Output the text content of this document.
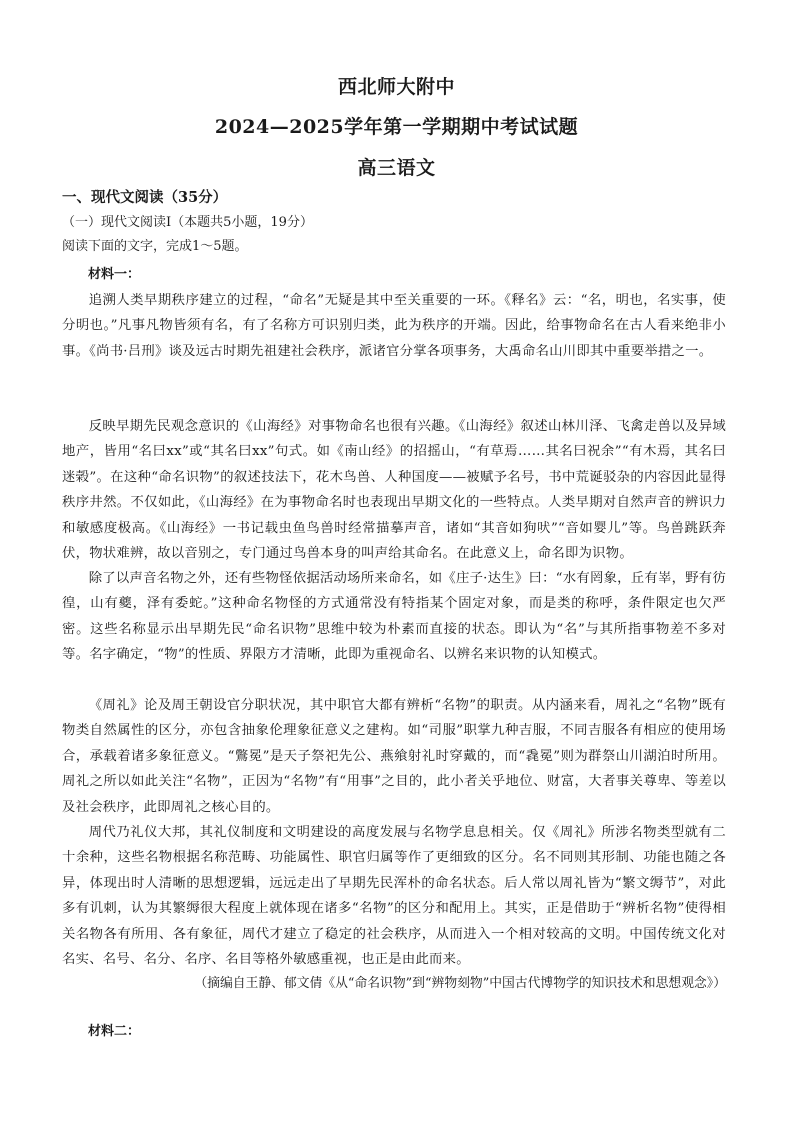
西北师大附中
2024—2025学年第一学期期中考试试题
高三语文
一、现代文阅读（35分）
（一）现代文阅读Ⅰ（本题共5小题，19分）
阅读下面的文字，完成1～5题。
材料一：
追溯人类早期秩序建立的过程，“命名”无疑是其中至关重要的一环。《释名》云：“名，明也，名实事，使分明也。”凡事凡物皆须有名，有了名称方可识别归类，此为秩序的开端。因此，给事物命名在古人看来绝非小事。《尚书·吕刑》谈及远古时期先祖建社会秩序，派诸官分掌各项事务，大禹命名山川即其中重要举措之一。
反映早期先民观念意识的《山海经》对事物命名也很有兴趣。《山海经》叙述山林川泽、飞禽走兽以及异域地产，皆用“名曰xx”或“其名曰xx”句式。如《南山经》的招摇山，“有草焉……其名曰祝余”“有木焉，其名曰迷榖”。在这种“命名识物”的叙述技法下，花木鸟兽、人种国度——被赋予名号，书中荒诞驳杂的内容因此显得秩序井然。不仅如此，《山海经》在为事物命名时也表现出早期文化的一些特点。人类早期对自然声音的辨识力和敏感度极高。《山海经》一书记载虫鱼鸟兽时经常描摹声音，诸如“其音如狗吠”“音如婴儿”等。鸟兽跳跃奔伏，物状难辨，故以音别之，专门通过鸟兽本身的叫声给其命名。在此意义上，命名即为识物。
除了以声音名物之外，还有些物怪依据活动场所来命名，如《庄子·达生》曰：“水有罔象，丘有峷，野有彷徨，山有夔，泽有委蛇。”这种命名物怪的方式通常没有特指某个固定对象，而是类的称呼，条件限定也欠严密。这些名称显示出早期先民“命名识物”思维中较为朴素而直接的状态。即认为“名”与其所指事物差不多对等。名字确定，“物”的性质、界限方才清晰，此即为重视命名、以辨名来识物的认知模式。
《周礼》论及周王朝设官分职状况，其中职官大都有辨析“名物”的职责。从内涵来看，周礼之“名物”既有物类自然属性的区分，亦包含抽象伦理象征意义之建构。如“司服”职掌九种吉服，不同吉服各有相应的使用场合，承载着诸多象征意义。“鷩冕”是天子祭祀先公、燕飨射礼时穿戴的，而“毳冕”则为群祭山川湖泊时所用。周礼之所以如此关注“名物”，正因为“名物”有“用事”之目的，此小者关乎地位、财富，大者事关尊卑、等差以及社会秩序，此即周礼之核心目的。
周代乃礼仪大邦，其礼仪制度和文明建设的高度发展与名物学息息相关。仅《周礼》所涉名物类型就有二十余种，这些名物根据名称范畴、功能属性、职官归属等作了更细致的区分。名不同则其形制、功能也随之各异，体现出时人清晰的思想逻辑，远远走出了早期先民浑朴的命名状态。后人常以周礼皆为“繁文缛节”，对此多有讥刺，认为其繁缛很大程度上就体现在诸多“名物”的区分和配用上。其实，正是借助于“辨析名物”使得相关名物各有所用、各有象征，周代才建立了稳定的社会秩序，从而进入一个相对较高的文明。中国传统文化对名实、名号、名分、名序、名目等格外敏感重视，也正是由此而来。
（摘编自王静、郁文倩《从“命名识物”到“辨物刻物”中国古代博物学的知识技术和思想观念》）
材料二：
